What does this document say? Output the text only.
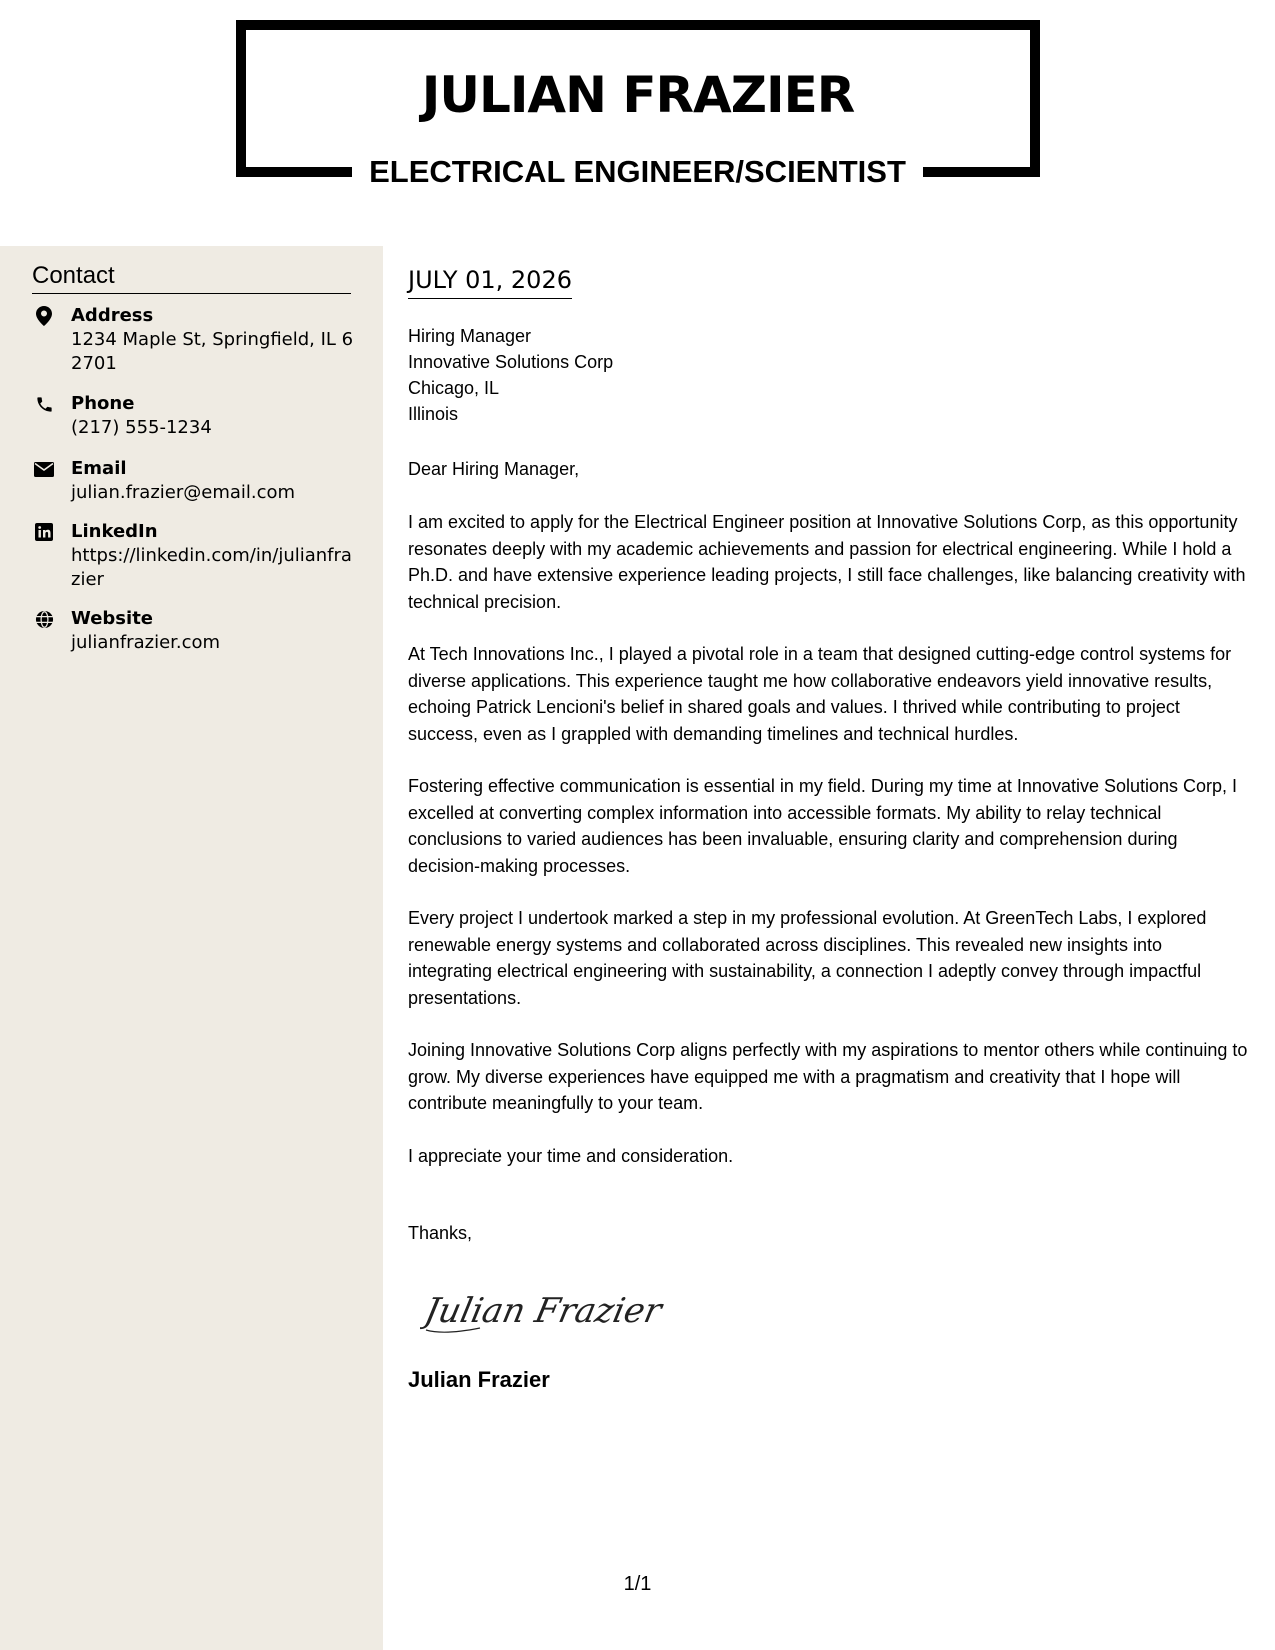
JULIAN FRAZIER
ELECTRICAL ENGINEER/SCIENTIST
Contact
Address
1234 Maple St, Springfield, IL 62701
Phone
(217) 555-1234
Email
julian.frazier@email.com
LinkedIn
https://linkedin.com/in/julianfrazier
Website
julianfrazier.com
JULY 01, 2026
Hiring Manager
Innovative Solutions Corp
Chicago, IL
Illinois
Dear Hiring Manager,

I am excited to apply for the Electrical Engineer position at Innovative Solutions Corp, as this opportunity resonates deeply with my academic achievements and passion for electrical engineering. While I hold a Ph.D. and have extensive experience leading projects, I still face challenges, like balancing creativity with technical precision.

At Tech Innovations Inc., I played a pivotal role in a team that designed cutting-edge control systems for diverse applications. This experience taught me how collaborative endeavors yield innovative results, echoing Patrick Lencioni's belief in shared goals and values. I thrived while contributing to project success, even as I grappled with demanding timelines and technical hurdles.

Fostering effective communication is essential in my field. During my time at Innovative Solutions Corp, I excelled at converting complex information into accessible formats. My ability to relay technical conclusions to varied audiences has been invaluable, ensuring clarity and comprehension during decision-making processes.

Every project I undertook marked a step in my professional evolution. At GreenTech Labs, I explored renewable energy systems and collaborated across disciplines. This revealed new insights into integrating electrical engineering with sustainability, a connection I adeptly convey through impactful presentations.

Joining Innovative Solutions Corp aligns perfectly with my aspirations to mentor others while continuing to grow. My diverse experiences have equipped me with a pragmatism and creativity that I hope will contribute meaningfully to your team.

I appreciate your time and consideration.

Thanks,
Julian Frazier
Julian Frazier
1/1
